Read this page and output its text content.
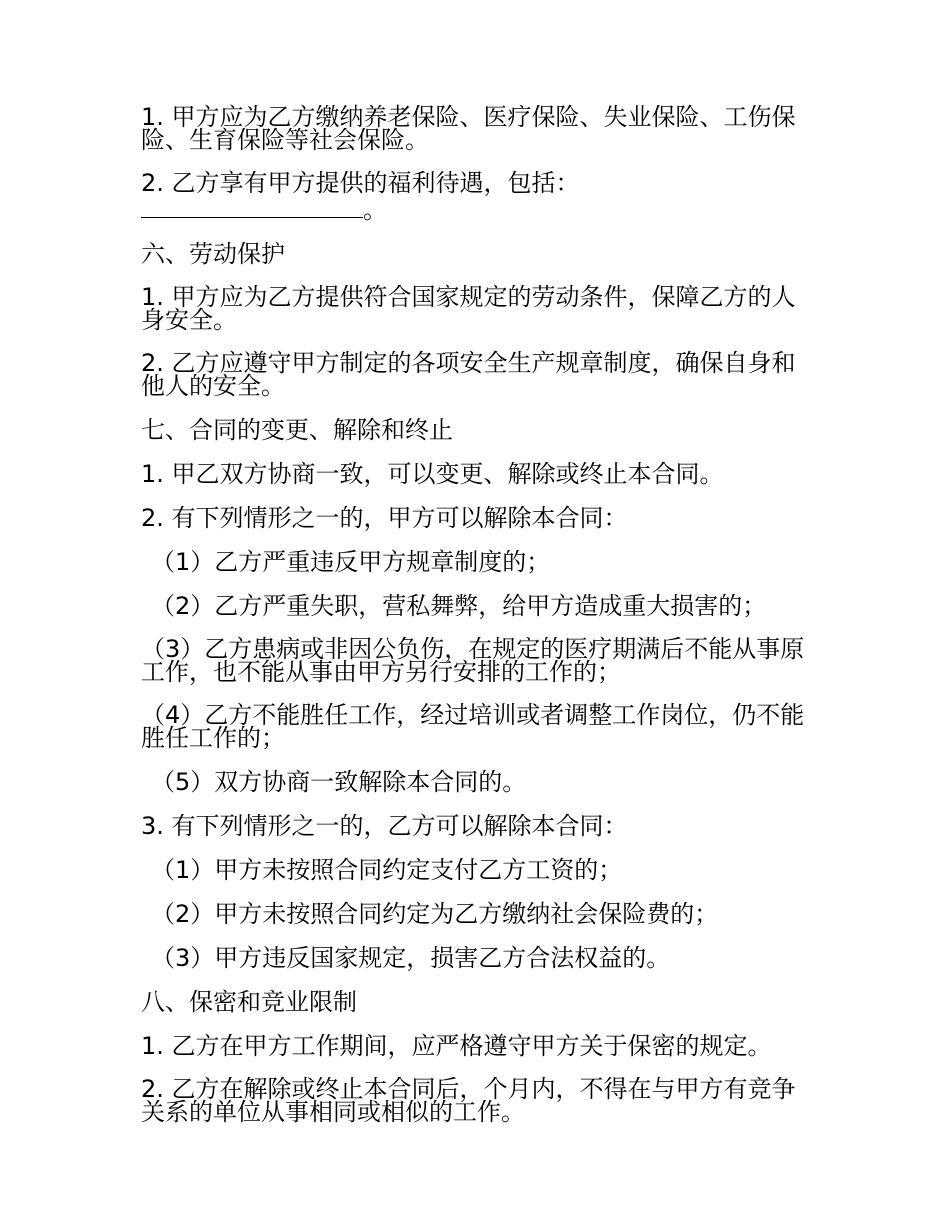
1. 甲方应为乙方缴纳养老保险、医疗保险、失业保险、工伤保险、生育保险等社会保险。

2. 乙方享有甲方提供的福利待遇，包括：
。

六、劳动保护

1. 甲方应为乙方提供符合国家规定的劳动条件，保障乙方的人身安全。

2. 乙方应遵守甲方制定的各项安全生产规章制度，确保自身和他人的安全。

七、合同的变更、解除和终止

1. 甲乙双方协商一致，可以变更、解除或终止本合同。

2. 有下列情形之一的，甲方可以解除本合同：

（1）乙方严重违反甲方规章制度的；

（2）乙方严重失职，营私舞弊，给甲方造成重大损害的；

（3）乙方患病或非因公负伤，在规定的医疗期满后不能从事原工作，也不能从事由甲方另行安排的工作的；

（4）乙方不能胜任工作，经过培训或者调整工作岗位，仍不能胜任工作的；

（5）双方协商一致解除本合同的。

3. 有下列情形之一的，乙方可以解除本合同：

（1）甲方未按照合同约定支付乙方工资的；

（2）甲方未按照合同约定为乙方缴纳社会保险费的；

（3）甲方违反国家规定，损害乙方合法权益的。

八、保密和竞业限制

1. 乙方在甲方工作期间，应严格遵守甲方关于保密的规定。

2. 乙方在解除或终止本合同后，个月内，不得在与甲方有竞争关系的单位从事相同或相似的工作。
